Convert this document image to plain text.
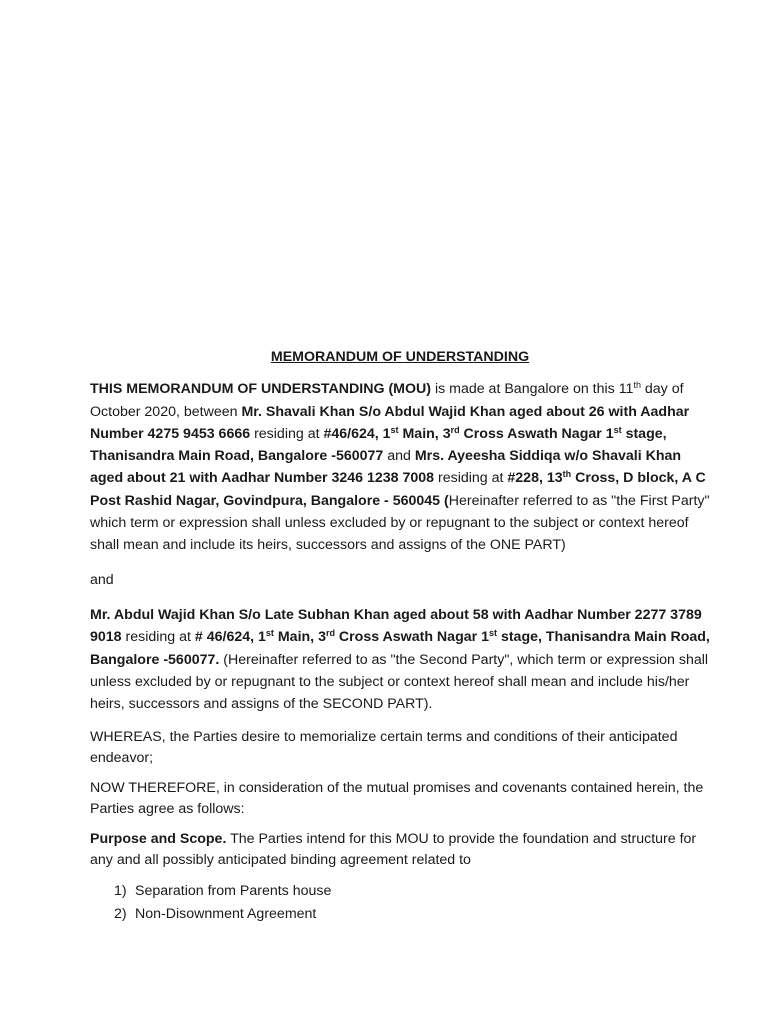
MEMORANDUM OF UNDERSTANDING

THIS MEMORANDUM OF UNDERSTANDING (MOU) is made at Bangalore on this 11th day of October 2020, between Mr. Shavali Khan S/o Abdul Wajid Khan aged about 26 with Aadhar Number 4275 9453 6666 residing at #46/624, 1st Main, 3rd Cross Aswath Nagar 1st stage, Thanisandra Main Road, Bangalore -560077 and Mrs. Ayeesha Siddiqa w/o Shavali Khan aged about 21 with Aadhar Number 3246 1238 7008 residing at #228, 13th Cross, D block, A C Post Rashid Nagar, Govindpura, Bangalore - 560045 (Hereinafter referred to as "the First Party" which term or expression shall unless excluded by or repugnant to the subject or context hereof shall mean and include its heirs, successors and assigns of the ONE PART)

and

Mr. Abdul Wajid Khan S/o Late Subhan Khan aged about 58 with Aadhar Number 2277 3789 9018 residing at # 46/624, 1st Main, 3rd Cross Aswath Nagar 1st stage, Thanisandra Main Road, Bangalore -560077. (Hereinafter referred to as "the Second Party", which term or expression shall unless excluded by or repugnant to the subject or context hereof shall mean and include his/her heirs, successors and assigns of the SECOND PART).

WHEREAS, the Parties desire to memorialize certain terms and conditions of their anticipated endeavor;

NOW THEREFORE, in consideration of the mutual promises and covenants contained herein, the Parties agree as follows:

Purpose and Scope. The Parties intend for this MOU to provide the foundation and structure for any and all possibly anticipated binding agreement related to

1) Separation from Parents house
2) Non-Disownment Agreement
